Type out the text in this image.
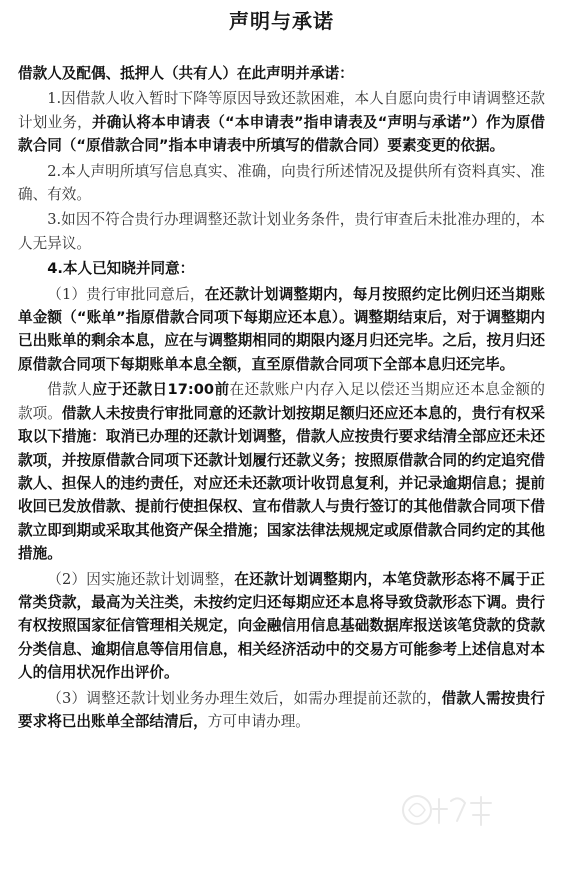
声明与承诺

借款人及配偶、抵押人（共有人）在此声明并承诺：

1.因借款人收入暂时下降等原因导致还款困难，本人自愿向贵行申请调整还款计划业务，并确认将本申请表（“本申请表”指申请表及“声明与承诺”）作为原借款合同（“原借款合同”指本申请表中所填写的借款合同）要素变更的依据。

2.本人声明所填写信息真实、准确，向贵行所述情况及提供所有资料真实、准确、有效。

3.如因不符合贵行办理调整还款计划业务条件，贵行审查后未批准办理的，本人无异议。

4.本人已知晓并同意：

（1）贵行审批同意后，在还款计划调整期内，每月按照约定比例归还当期账单金额（“账单”指原借款合同项下每期应还本息）。调整期结束后，对于调整期内已出账单的剩余本息，应在与调整期相同的期限内逐月归还完毕。之后，按月归还原借款合同项下每期账单本息全额，直至原借款合同项下全部本息归还完毕。

借款人应于还款日17:00前在还款账户内存入足以偿还当期应还本息金额的款项。借款人未按贵行审批同意的还款计划按期足额归还应还本息的，贵行有权采取以下措施：取消已办理的还款计划调整，借款人应按贵行要求结清全部应还未还款项，并按原借款合同项下还款计划履行还款义务；按照原借款合同的约定追究借款人、担保人的违约责任，对应还未还款项计收罚息复利，并记录逾期信息；提前收回已发放借款、提前行使担保权、宣布借款人与贵行签订的其他借款合同项下借款立即到期或采取其他资产保全措施；国家法律法规规定或原借款合同约定的其他措施。

（2）因实施还款计划调整，在还款计划调整期内，本笔贷款形态将不属于正常类贷款，最高为关注类，未按约定归还每期应还本息将导致贷款形态下调。贵行有权按照国家征信管理相关规定，向金融信用信息基础数据库报送该笔贷款的贷款分类信息、逾期信息等信用信息，相关经济活动中的交易方可能参考上述信息对本人的信用状况作出评价。

（3）调整还款计划业务办理生效后，如需办理提前还款的，借款人需按贵行要求将已出账单全部结清后，方可申请办理。
